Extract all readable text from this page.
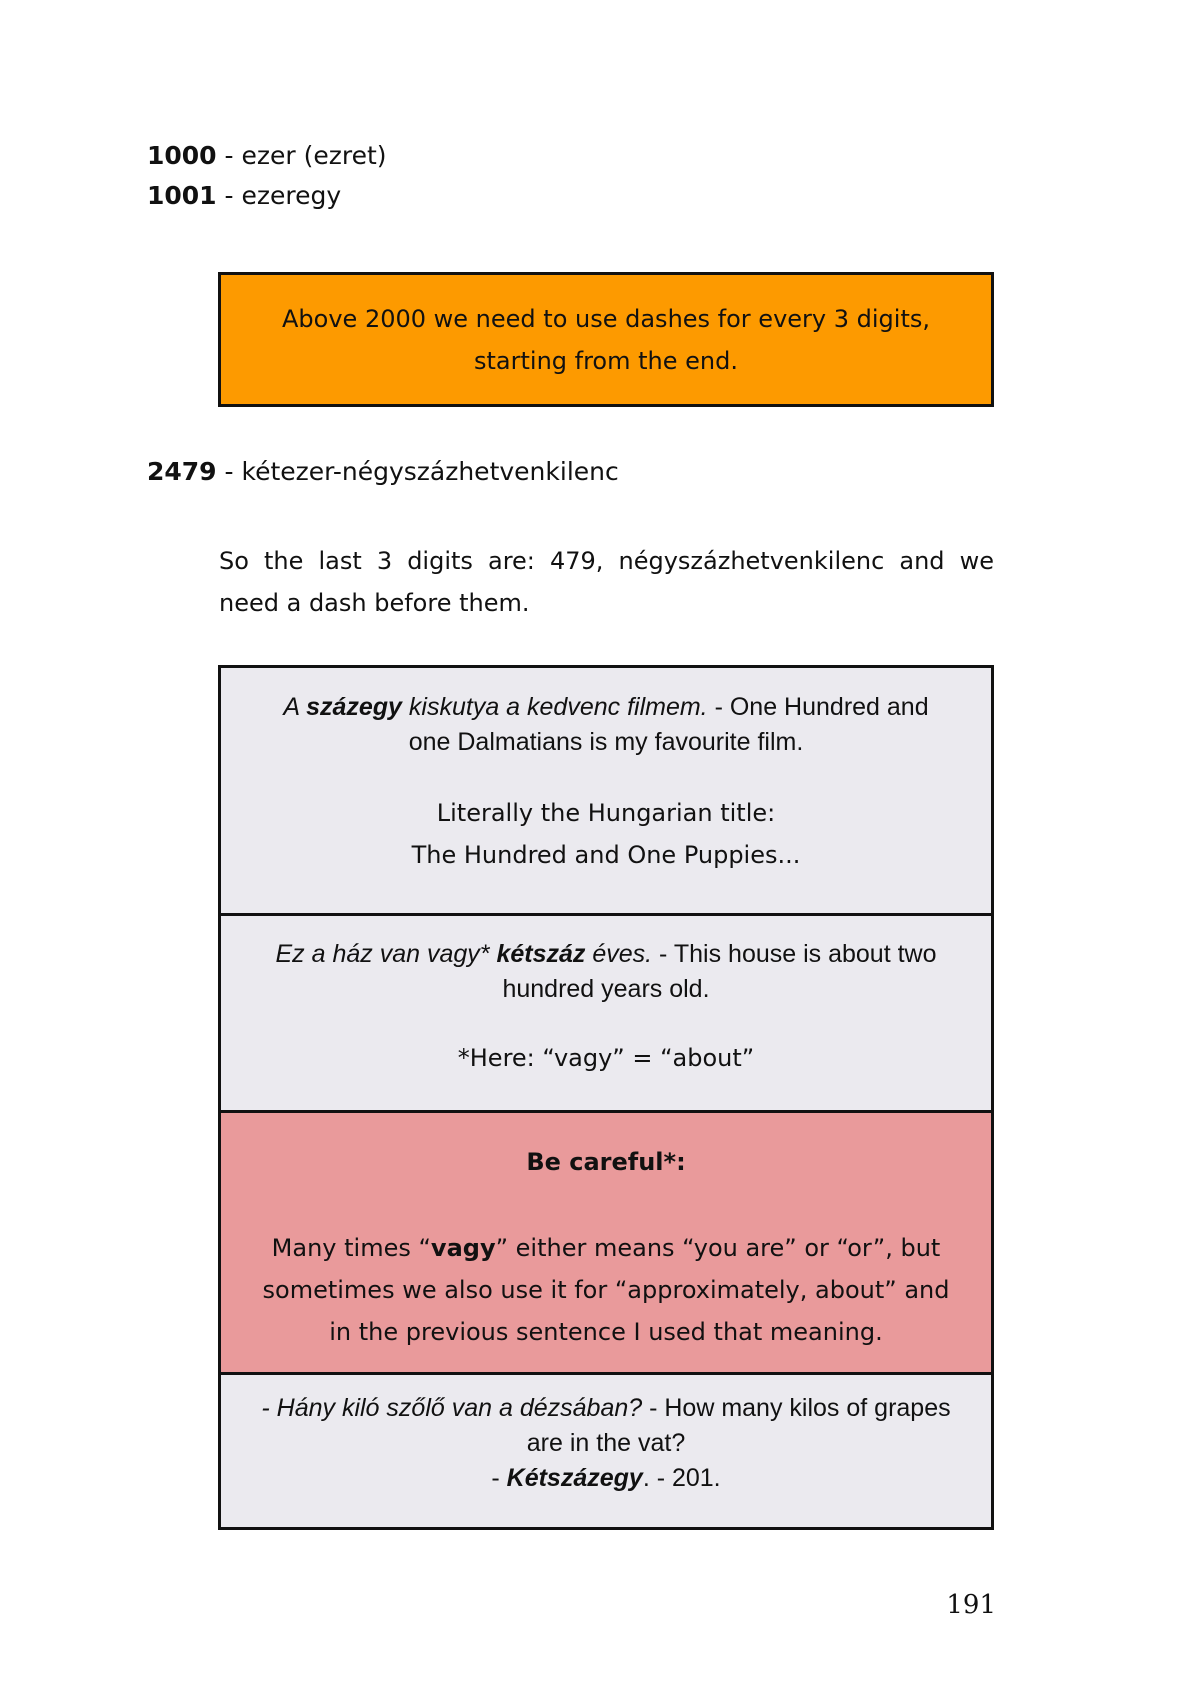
1000 - ezer (ezret)
1001 - ezeregy
Above 2000 we need to use dashes for every 3 digits,
starting from the end.
2479 - kétezer-négyszázhetvenkilenc
So the last 3 digits are: 479, négyszázhetvenkilenc and we need a dash before them.
A százegy kiskutya a kedvenc filmem. - One Hundred and one Dalmatians is my favourite film.
Literally the Hungarian title:
The Hundred and One Puppies...
Ez a ház van vagy* kétszáz éves. - This house is about two hundred years old.
*Here: “vagy” = “about”
Be careful*:
Many times “vagy” either means “you are” or “or”, but sometimes we also use it for “approximately, about” and in the previous sentence I used that meaning.
- Hány kiló szőlő van a dézsában? - How many kilos of grapes are in the vat?
- Kétszázegy. - 201.
191
